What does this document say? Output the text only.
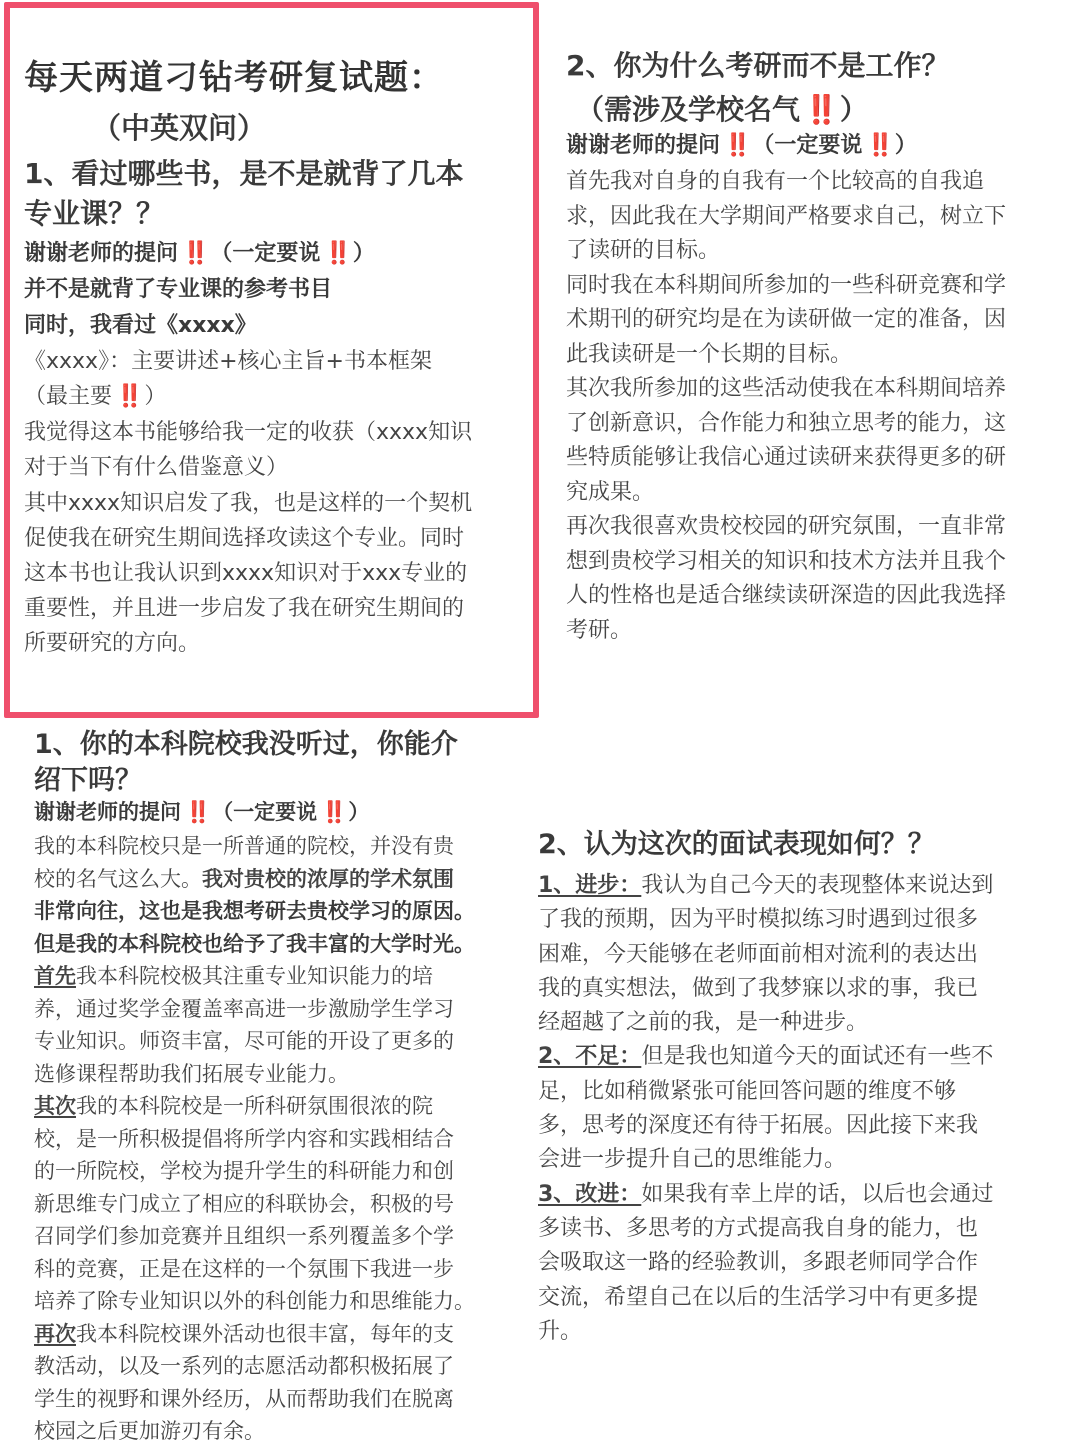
每天两道刁钻考研复试题：
（中英双问）
1、看过哪些书，是不是就背了几本
专业课？？
谢谢老师的提问 ‼️ （一定要说 ‼️ ）
并不是就背了专业课的参考书目
同时，我看过《xxxx》
《xxxx》：主要讲述+核心主旨+书本框架
（最主要 ‼️ ）
我觉得这本书能够给我一定的收获（xxxx知识
对于当下有什么借鉴意义）
其中xxxx知识启发了我，也是这样的一个契机
促使我在研究生期间选择攻读这个专业。同时
这本书也让我认识到xxxx知识对于xxx专业的
重要性，并且进一步启发了我在研究生期间的
所要研究的方向。
2、你为什么考研而不是工作？
（需涉及学校名气 ‼️ ）
谢谢老师的提问 ‼️ （一定要说 ‼️ ）
首先我对自身的自我有一个比较高的自我追
求，因此我在大学期间严格要求自己，树立下
了读研的目标。
同时我在本科期间所参加的一些科研竞赛和学
术期刊的研究均是在为读研做一定的准备，因
此我读研是一个长期的目标。
其次我所参加的这些活动使我在本科期间培养
了创新意识，合作能力和独立思考的能力，这
些特质能够让我信心通过读研来获得更多的研
究成果。
再次我很喜欢贵校校园的研究氛围，一直非常
想到贵校学习相关的知识和技术方法并且我个
人的性格也是适合继续读研深造的因此我选择
考研。
1、你的本科院校我没听过，你能介
绍下吗？
谢谢老师的提问 ‼️ （一定要说 ‼️ ）
我的本科院校只是一所普通的院校，并没有贵
校的名气这么大。我对贵校的浓厚的学术氛围
非常向往，这也是我想考研去贵校学习的原因。
但是我的本科院校也给予了我丰富的大学时光。
首先我本科院校极其注重专业知识能力的培
养，通过奖学金覆盖率高进一步激励学生学习
专业知识。师资丰富，尽可能的开设了更多的
选修课程帮助我们拓展专业能力。
其次我的本科院校是一所科研氛围很浓的院
校，是一所积极提倡将所学内容和实践相结合
的一所院校，学校为提升学生的科研能力和创
新思维专门成立了相应的科联协会，积极的号
召同学们参加竞赛并且组织一系列覆盖多个学
科的竞赛，正是在这样的一个氛围下我进一步
培养了除专业知识以外的科创能力和思维能力。
再次我本科院校课外活动也很丰富，每年的支
教活动，以及一系列的志愿活动都积极拓展了
学生的视野和课外经历，从而帮助我们在脱离
校园之后更加游刃有余。
2、认为这次的面试表现如何？？
1、进步：我认为自己今天的表现整体来说达到
了我的预期，因为平时模拟练习时遇到过很多
困难，今天能够在老师面前相对流利的表达出
我的真实想法，做到了我梦寐以求的事，我已
经超越了之前的我，是一种进步。
2、不足：但是我也知道今天的面试还有一些不
足，比如稍微紧张可能回答问题的维度不够
多，思考的深度还有待于拓展。因此接下来我
会进一步提升自己的思维能力。
3、改进：如果我有幸上岸的话，以后也会通过
多读书、多思考的方式提高我自身的能力，也
会吸取这一路的经验教训，多跟老师同学合作
交流，希望自己在以后的生活学习中有更多提
升。
